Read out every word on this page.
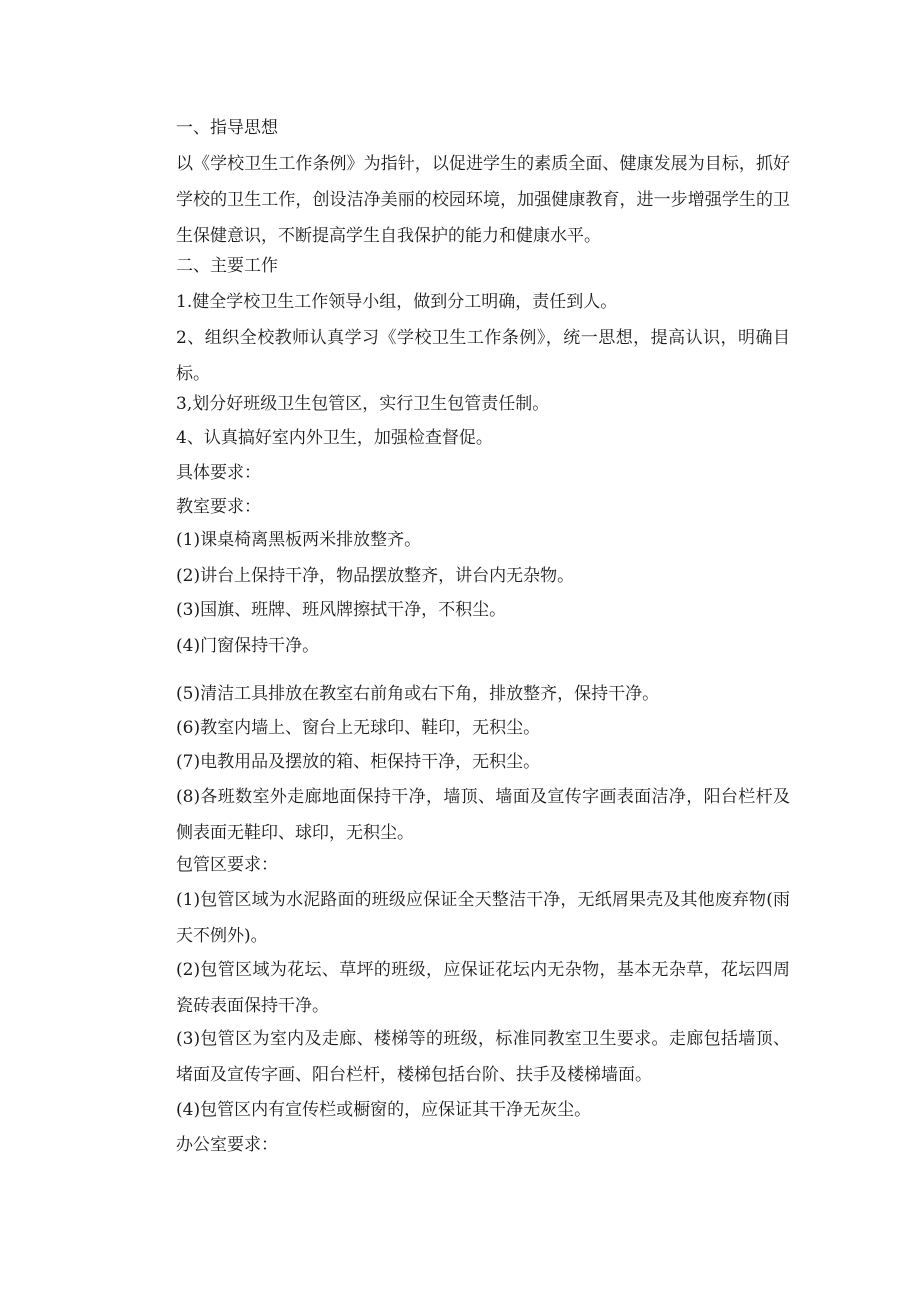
一、指导思想
以《学校卫生工作条例》为指针，以促进学生的素质全面、健康发展为目标，抓好学校的卫生工作，创设洁净美丽的校园环境，加强健康教育，进一步增强学生的卫生保健意识，不断提高学生自我保护的能力和健康水平。
二、主要工作
1.健全学校卫生工作领导小组，做到分工明确，责任到人。
2、组织全校教师认真学习《学校卫生工作条例》，统一思想，提高认识，明确目标。
3,划分好班级卫生包管区，实行卫生包管责任制。
4、认真搞好室内外卫生，加强检查督促。
具体要求：
教室要求：
(1)课桌椅离黑板两米排放整齐。
(2)讲台上保持干净，物品摆放整齐，讲台内无杂物。
(3)国旗、班牌、班风牌擦拭干净，不积尘。
(4)门窗保持干净。
(5)清洁工具排放在教室右前角或右下角，排放整齐，保持干净。
(6)教室内墙上、窗台上无球印、鞋印，无积尘。
(7)电教用品及摆放的箱、柜保持干净，无积尘。
(8)各班数室外走廊地面保持干净，墙顶、墙面及宣传字画表面洁净，阳台栏杆及侧表面无鞋印、球印，无积尘。
包管区要求：
(1)包管区域为水泥路面的班级应保证全天整洁干净，无纸屑果壳及其他废弃物(雨天不例外)。
(2)包管区域为花坛、草坪的班级，应保证花坛内无杂物，基本无杂草，花坛四周瓷砖表面保持干净。
(3)包管区为室内及走廊、楼梯等的班级，标准同教室卫生要求。走廊包括墙顶、堵面及宣传字画、阳台栏杆，楼梯包括台阶、扶手及楼梯墙面。
(4)包管区内有宣传栏或橱窗的，应保证其干净无灰尘。
办公室要求：
